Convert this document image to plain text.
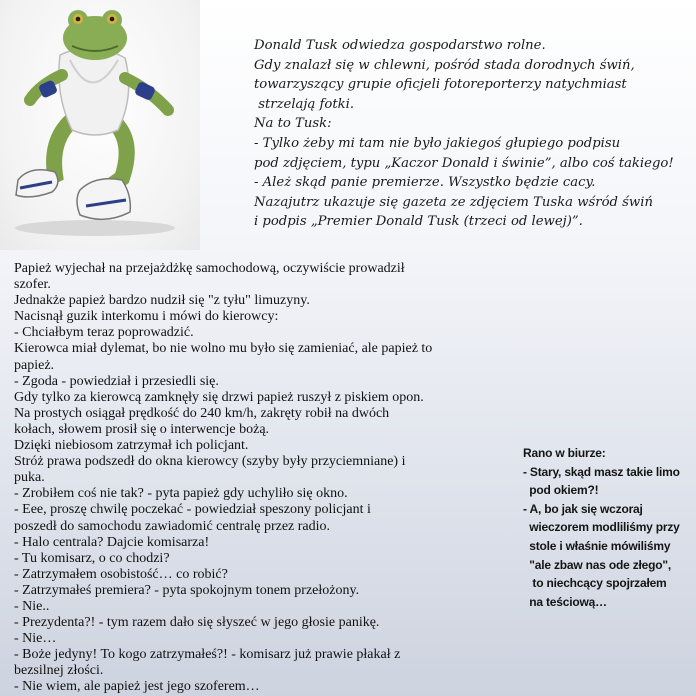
Donald Tusk odwiedza gospodarstwo rolne.
Gdy znalazł się w chlewni, pośród stada dorodnych świń,
towarzyszący grupie oficjeli fotoreporterzy natychmiast
strzelają fotki.
Na to Tusk:
- Tylko żeby mi tam nie było jakiegoś głupiego podpisu
pod zdjęciem, typu „Kaczor Donald i świnie”, albo coś takiego!
- Ależ skąd panie premierze. Wszystko będzie cacy.
Nazajutrz ukazuje się gazeta ze zdjęciem Tuska wśród świń
i podpis „Premier Donald Tusk (trzeci od lewej)”.
Papież wyjechał na przejażdżkę samochodową, oczywiście prowadził
szofer.
Jednakże papież bardzo nudził się "z tyłu" limuzyny.
Nacisnął guzik interkomu i mówi do kierowcy:
- Chciałbym teraz poprowadzić.
Kierowca miał dylemat, bo nie wolno mu było się zamieniać, ale papież to
papież.
- Zgoda - powiedział i przesiedli się.
Gdy tylko za kierowcą zamknęły się drzwi papież ruszył z piskiem opon.
Na prostych osiągał prędkość do 240 km/h, zakręty robił na dwóch
kołach, słowem prosił się o interwencje bożą.
Dzięki niebiosom zatrzymał ich policjant.
Stróż prawa podszedł do okna kierowcy (szyby były przyciemniane) i
puka.
- Zrobiłem coś nie tak? - pyta papież gdy uchyliło się okno.
- Eee, proszę chwilę poczekać - powiedział speszony policjant i
poszedł do samochodu zawiadomić centralę przez radio.
- Halo centrala? Dajcie komisarza!
- Tu komisarz, o co chodzi?
- Zatrzymałem osobistość… co robić?
- Zatrzymałeś premiera? - pyta spokojnym tonem przełożony.
- Nie..
- Prezydenta?! - tym razem dało się słyszeć w jego głosie panikę.
- Nie…
- Boże jedyny! To kogo zatrzymałeś?! - komisarz już prawie płakał z
bezsilnej złości.
- Nie wiem, ale papież jest jego szoferem…
Rano w biurze:
- Stary, skąd masz takie limo
pod okiem?!
- A, bo jak się wczoraj
wieczorem modliliśmy przy
stole i właśnie mówiliśmy
"ale zbaw nas ode złego",
to niechcący spojrzałem
na teściową…
